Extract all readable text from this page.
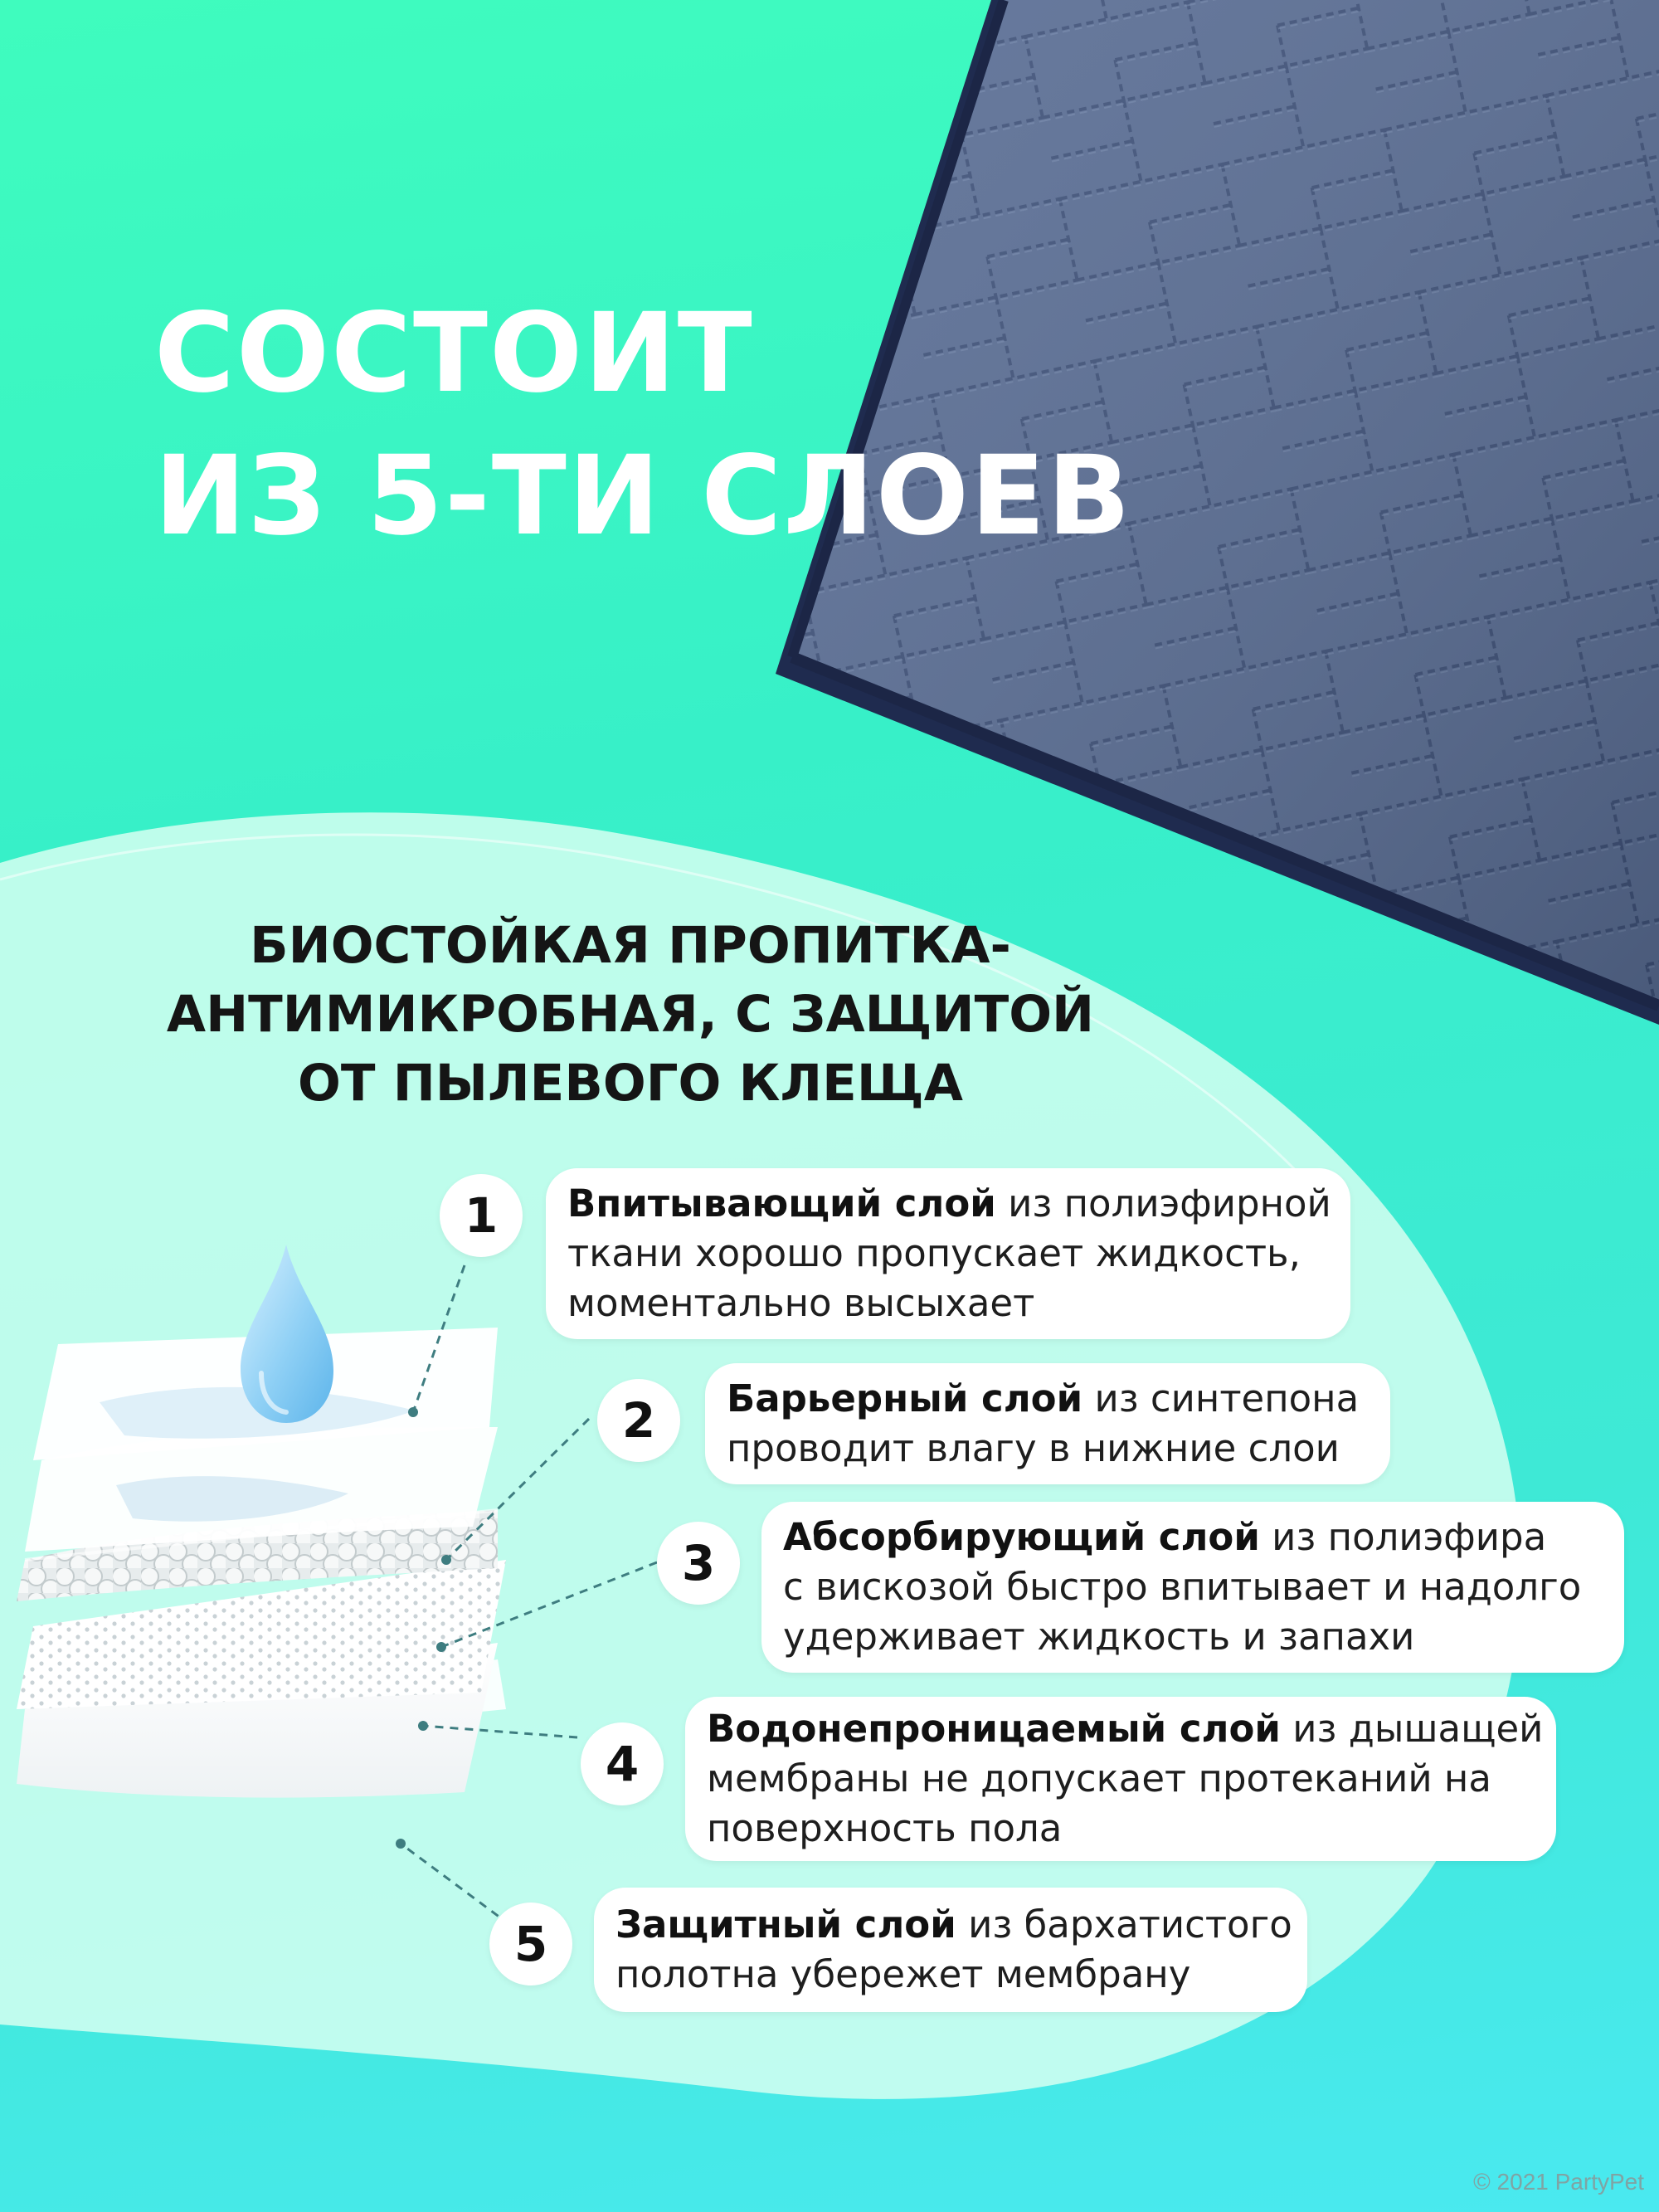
СОСТОИТ
ИЗ 5-ТИ СЛОЕВ
БИОСТОЙКАЯ ПРОПИТКА-
АНТИМИКРОБНАЯ, С ЗАЩИТОЙ
ОТ ПЫЛЕВОГО КЛЕЩА
1	Впитывающий слой из полиэфирной
ткани хорошо пропускает жидкость,
моментально высыхает
2	Барьерный слой из синтепона
проводит влагу в нижние слои
3	Абсорбирующий слой из полиэфира
с вискозой быстро впитывает и надолго
удерживает жидкость и запахи
4
Водонепроницаемый слой из дышащей
мембраны не допускает протеканий на
поверхность пола
5	Защитный слой из бархатистого
полотна убережет мембрану
© 2021 PartyPet
